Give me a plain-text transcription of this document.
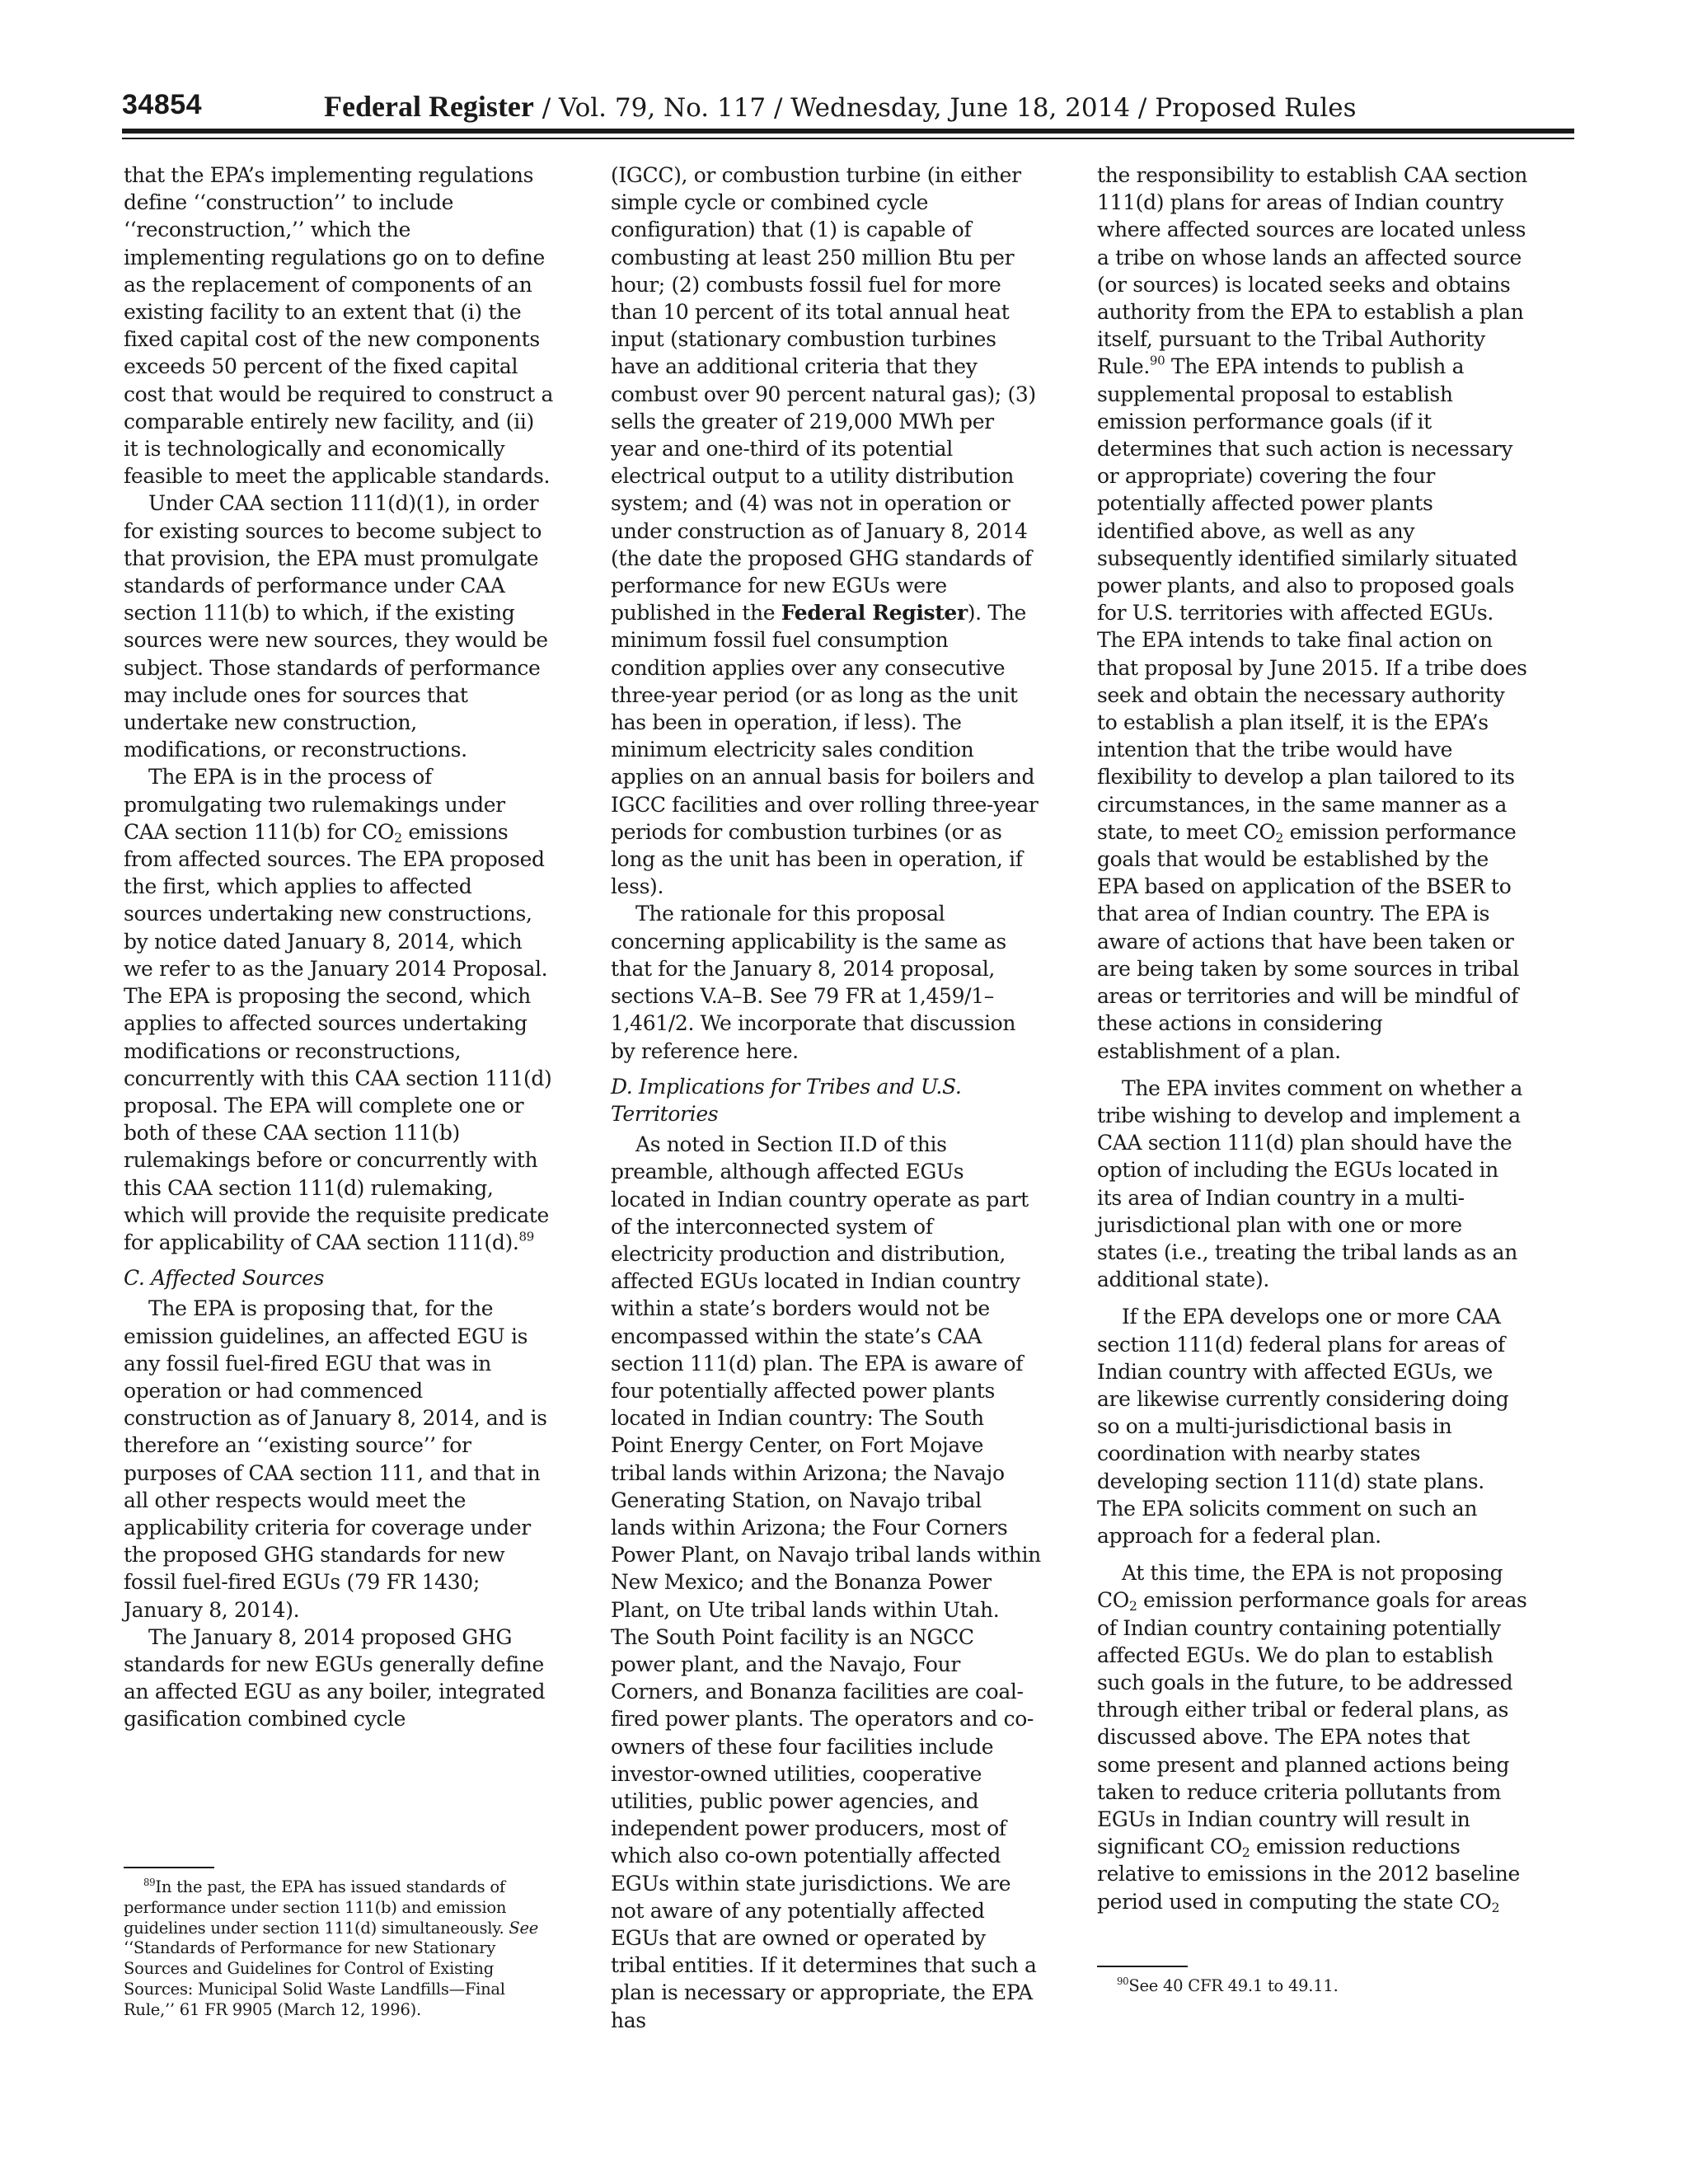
34854	Federal Register / Vol. 79, No. 117 / Wednesday, June 18, 2014 / Proposed Rules

that the EPA’s implementing regulations define ‘‘construction’’ to include ‘‘reconstruction,’’ which the implementing regulations go on to define as the replacement of components of an existing facility to an extent that (i) the fixed capital cost of the new components exceeds 50 percent of the fixed capital cost that would be required to construct a comparable entirely new facility, and (ii) it is technologically and economically feasible to meet the applicable standards.

Under CAA section 111(d)(1), in order for existing sources to become subject to that provision, the EPA must promulgate standards of performance under CAA section 111(b) to which, if the existing sources were new sources, they would be subject. Those standards of performance may include ones for sources that undertake new construction, modifications, or reconstructions.

The EPA is in the process of promulgating two rulemakings under CAA section 111(b) for $CO_2$ emissions from affected sources. The EPA proposed the first, which applies to affected sources undertaking new constructions, by notice dated January 8, 2014, which we refer to as the January 2014 Proposal. The EPA is proposing the second, which applies to affected sources undertaking modifications or reconstructions, concurrently with this CAA section 111(d) proposal. The EPA will complete one or both of these CAA section 111(b) rulemakings before or concurrently with this CAA section 111(d) rulemaking, which will provide the requisite predicate for applicability of CAA section 111(d).$^{89}$

C. Affected Sources

The EPA is proposing that, for the emission guidelines, an affected EGU is any fossil fuel-fired EGU that was in operation or had commenced construction as of January 8, 2014, and is therefore an ‘‘existing source’’ for purposes of CAA section 111, and that in all other respects would meet the applicability criteria for coverage under the proposed GHG standards for new fossil fuel-fired EGUs (79 FR 1430; January 8, 2014).

The January 8, 2014 proposed GHG standards for new EGUs generally define an affected EGU as any boiler, integrated gasification combined cycle

$^{89}$In the past, the EPA has issued standards of performance under section 111(b) and emission guidelines under section 111(d) simultaneously. See ‘‘Standards of Performance for new Stationary Sources and Guidelines for Control of Existing Sources: Municipal Solid Waste Landfills—Final Rule,’’ 61 FR 9905 (March 12, 1996).

(IGCC), or combustion turbine (in either simple cycle or combined cycle configuration) that (1) is capable of combusting at least 250 million Btu per hour; (2) combusts fossil fuel for more than 10 percent of its total annual heat input (stationary combustion turbines have an additional criteria that they combust over 90 percent natural gas); (3) sells the greater of 219,000 MWh per year and one-third of its potential electrical output to a utility distribution system; and (4) was not in operation or under construction as of January 8, 2014 (the date the proposed GHG standards of performance for new EGUs were published in the Federal Register). The minimum fossil fuel consumption condition applies over any consecutive three-year period (or as long as the unit has been in operation, if less). The minimum electricity sales condition applies on an annual basis for boilers and IGCC facilities and over rolling three-year periods for combustion turbines (or as long as the unit has been in operation, if less).

The rationale for this proposal concerning applicability is the same as that for the January 8, 2014 proposal, sections V.A–B. See 79 FR at 1,459/1–1,461/2. We incorporate that discussion by reference here.

D. Implications for Tribes and U.S. Territories

As noted in Section II.D of this preamble, although affected EGUs located in Indian country operate as part of the interconnected system of electricity production and distribution, affected EGUs located in Indian country within a state’s borders would not be encompassed within the state’s CAA section 111(d) plan. The EPA is aware of four potentially affected power plants located in Indian country: The South Point Energy Center, on Fort Mojave tribal lands within Arizona; the Navajo Generating Station, on Navajo tribal lands within Arizona; the Four Corners Power Plant, on Navajo tribal lands within New Mexico; and the Bonanza Power Plant, on Ute tribal lands within Utah. The South Point facility is an NGCC power plant, and the Navajo, Four Corners, and Bonanza facilities are coal-fired power plants. The operators and co-owners of these four facilities include investor-owned utilities, cooperative utilities, public power agencies, and independent power producers, most of which also co-own potentially affected EGUs within state jurisdictions. We are not aware of any potentially affected EGUs that are owned or operated by tribal entities. If it determines that such a plan is necessary or appropriate, the EPA has

the responsibility to establish CAA section 111(d) plans for areas of Indian country where affected sources are located unless a tribe on whose lands an affected source (or sources) is located seeks and obtains authority from the EPA to establish a plan itself, pursuant to the Tribal Authority Rule.$^{90}$ The EPA intends to publish a supplemental proposal to establish emission performance goals (if it determines that such action is necessary or appropriate) covering the four potentially affected power plants identified above, as well as any subsequently identified similarly situated power plants, and also to proposed goals for U.S. territories with affected EGUs. The EPA intends to take final action on that proposal by June 2015. If a tribe does seek and obtain the necessary authority to establish a plan itself, it is the EPA’s intention that the tribe would have flexibility to develop a plan tailored to its circumstances, in the same manner as a state, to meet $CO_2$ emission performance goals that would be established by the EPA based on application of the BSER to that area of Indian country. The EPA is aware of actions that have been taken or are being taken by some sources in tribal areas or territories and will be mindful of these actions in considering establishment of a plan.

The EPA invites comment on whether a tribe wishing to develop and implement a CAA section 111(d) plan should have the option of including the EGUs located in its area of Indian country in a multi-jurisdictional plan with one or more states (i.e., treating the tribal lands as an additional state).

If the EPA develops one or more CAA section 111(d) federal plans for areas of Indian country with affected EGUs, we are likewise currently considering doing so on a multi-jurisdictional basis in coordination with nearby states developing section 111(d) state plans. The EPA solicits comment on such an approach for a federal plan.

At this time, the EPA is not proposing $CO_2$ emission performance goals for areas of Indian country containing potentially affected EGUs. We do plan to establish such goals in the future, to be addressed through either tribal or federal plans, as discussed above. The EPA notes that some present and planned actions being taken to reduce criteria pollutants from EGUs in Indian country will result in significant $CO_2$ emission reductions relative to emissions in the 2012 baseline period used in computing the state $CO_2$

$^{90}$See 40 CFR 49.1 to 49.11.
